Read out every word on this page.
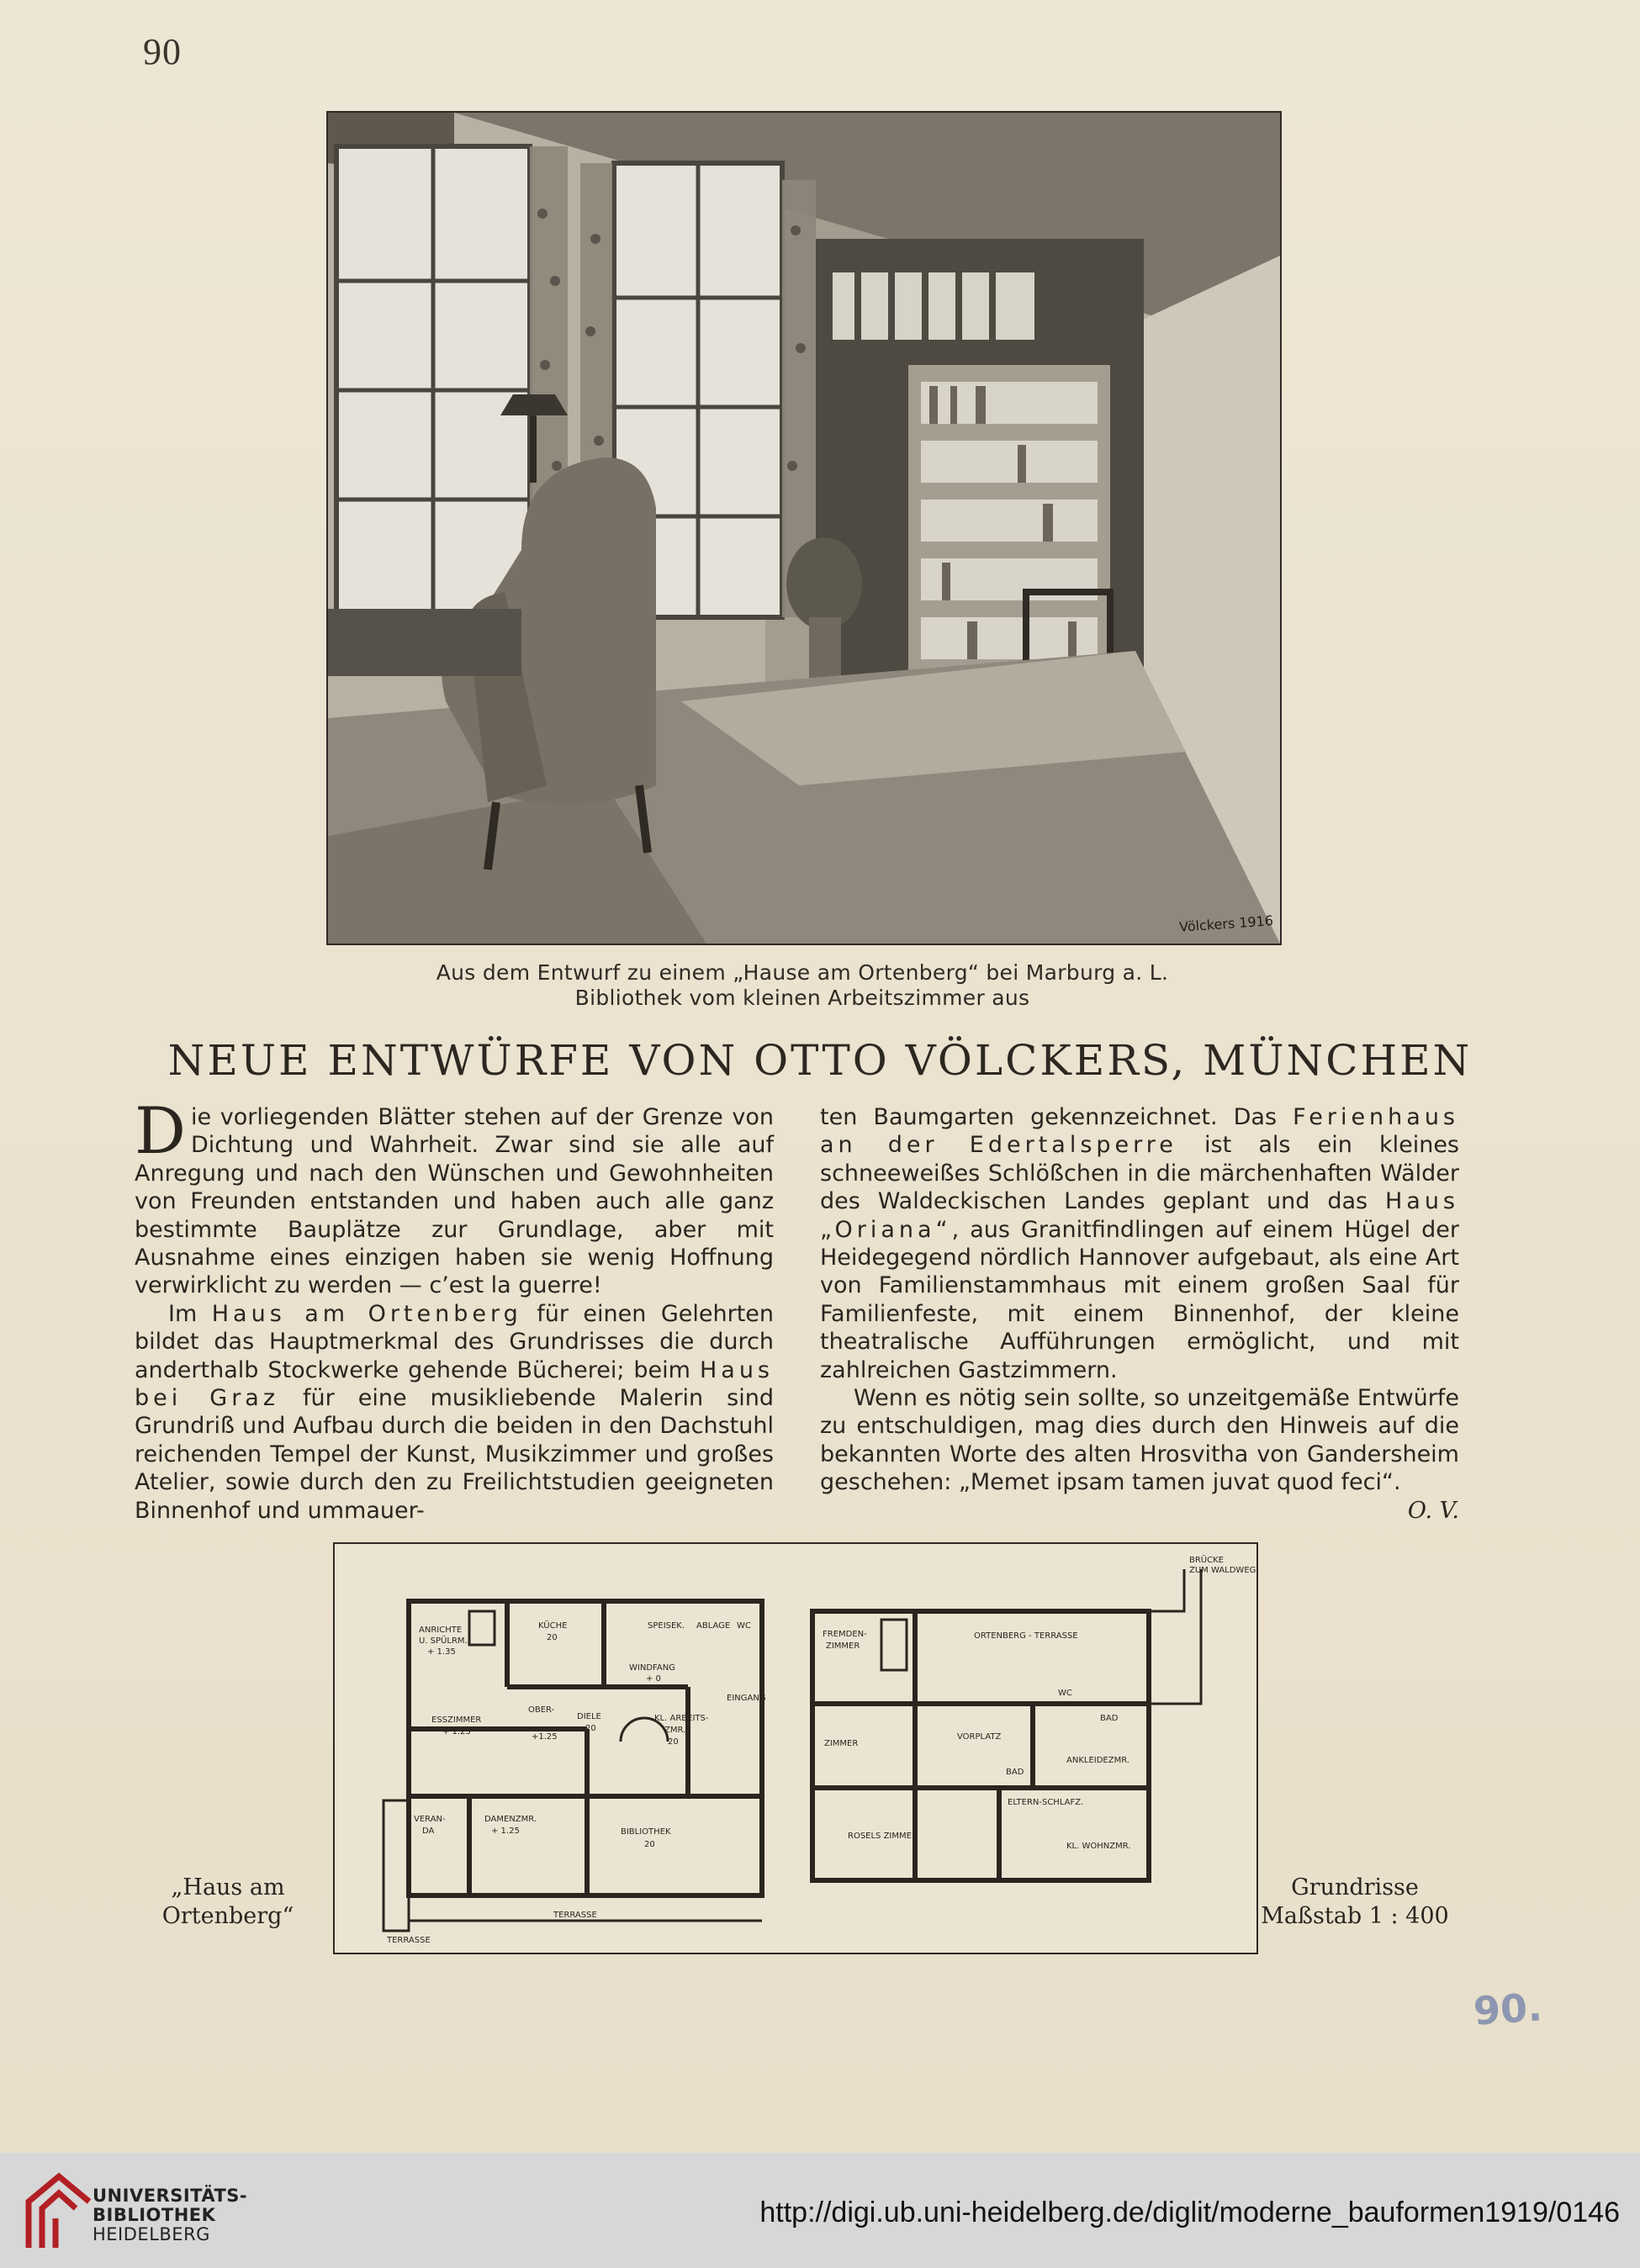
90
Völckers 1916
Aus dem Entwurf zu einem „Hause am Ortenberg“ bei Marburg a. L.
Bibliothek vom kleinen Arbeitszimmer aus
NEUE ENTWÜRFE VON OTTO VÖLCKERS, MÜNCHEN

Die vorliegenden Blätter stehen auf der Grenze von Dichtung und Wahrheit. Zwar sind sie alle auf Anregung und nach den Wünschen und Gewohnheiten von Freunden entstanden und haben auch alle ganz bestimmte Bauplätze zur Grundlage, aber mit Ausnahme eines einzigen haben sie wenig Hoffnung verwirklicht zu werden — c’est la guerre!

Im Haus am Ortenberg für einen Gelehrten bildet das Hauptmerkmal des Grundrisses die durch anderthalb Stockwerke gehende Bücherei; beim Haus bei Graz für eine musikliebende Malerin sind Grundriß und Aufbau durch die beiden in den Dachstuhl reichenden Tempel der Kunst, Musikzimmer und großes Atelier, sowie durch den zu Freilichtstudien geeigneten Binnenhof und ummauer-

ten Baumgarten gekennzeichnet. Das Ferienhaus an der Edertalsperre ist als ein kleines schneeweißes Schlößchen in die märchenhaften Wälder des Waldeckischen Landes geplant und das Haus „Oriana“, aus Granitfindlingen auf einem Hügel der Heidegegend nördlich Hannover aufgebaut, als eine Art von Familienstammhaus mit einem großen Saal für Familienfeste, mit einem Binnenhof, der kleine theatralische Aufführungen ermöglicht, und mit zahlreichen Gastzimmern.

Wenn es nötig sein sollte, so unzeitgemäße Entwürfe zu entschuldigen, mag dies durch den Hinweis auf die bekannten Worte des alten Hrosvitha von Gandersheim geschehen: „Memet ipsam tamen juvat quod feci“.
O. V.

ANRICHTE
U. SPÜLRM.
+ 1.35
KÜCHE
20
SPEISEK. ABLAGE WC
WINDFANG
+ 0
EINGANG
DIELE
20
KL. ARBEITS-
ZMR.
20
OBER-
ESSZIMMER
+ 1.25
+1.25
VERAN-
DA
DAMENZMR.
+ 1.25	BIBLIOTHEK
20
TERRASSE
TERRASSE
BRÜCKE
ZUM WALDWEG
FREMDEN-
ZIMMER
ORTENBERG - TERRASSE
WC
BAD
ZIMMER
VORPLATZ
ANKLEIDEZMR.
BAD
ELTERN-SCHLAFZ.
ROSELS ZIMMER
KL. WOHNZMR.
„Haus am Ortenberg“
Grundrisse
Maßstab 1 : 400
90.
UNIVERSITÄTS-
BIBLIOTHEK
HEIDELBERG
http://digi.ub.uni-heidelberg.de/diglit/moderne_bauformen1919/0146
